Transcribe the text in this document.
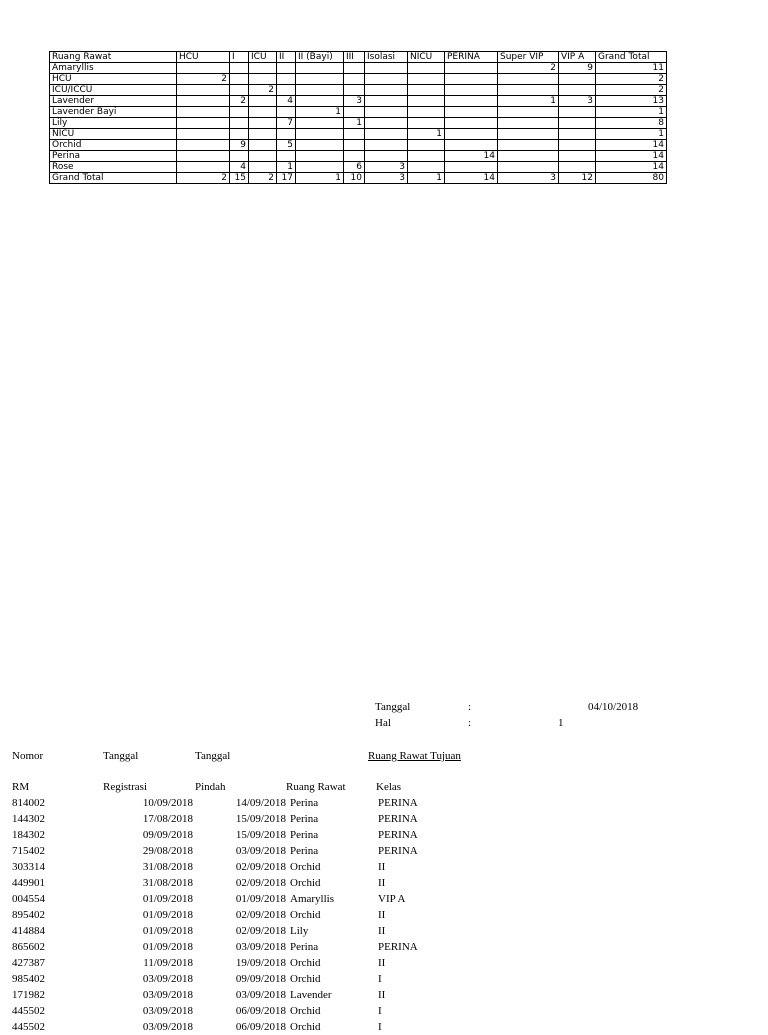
Ruang Rawat	HCU	I	ICU	II	II (Bayi)	III	Isolasi	NICU	PERINA	Super VIP	VIP A	Grand Total
Amaryllis										2	9	11
HCU	2											2
ICU/ICCU			2									2
Lavender		2		4		3				1	3	13
Lavender Bayi					1							1
Lily				7		1						8
NICU								1				1
Orchid		9		5								14
Perina									14			14
Rose		4		1		6	3					14
Grand Total	2	15	2	17	1	10	3	1	14	3	12	80
Tanggal	:	04/10/2018
Hal	:	1
Nomor	Tanggal	Tanggal	Ruang Rawat Tujuan
RM	Registrasi	Pindah	Ruang Rawat	Kelas
814002	10/09/2018	14/09/2018	Perina	PERINA
144302	17/08/2018	15/09/2018	Perina	PERINA
184302	09/09/2018	15/09/2018	Perina	PERINA
715402	29/08/2018	03/09/2018	Perina	PERINA
303314	31/08/2018	02/09/2018	Orchid	II
449901	31/08/2018	02/09/2018	Orchid	II
004554	01/09/2018	01/09/2018	Amaryllis	VIP A
895402	01/09/2018	02/09/2018	Orchid	II
414884	01/09/2018	02/09/2018	Lily	II
865602	01/09/2018	03/09/2018	Perina	PERINA
427387	11/09/2018	19/09/2018	Orchid	II
985402	03/09/2018	09/09/2018	Orchid	I
171982	03/09/2018	03/09/2018	Lavender	II
445502	03/09/2018	06/09/2018	Orchid	I
445502	03/09/2018	06/09/2018	Orchid	I
